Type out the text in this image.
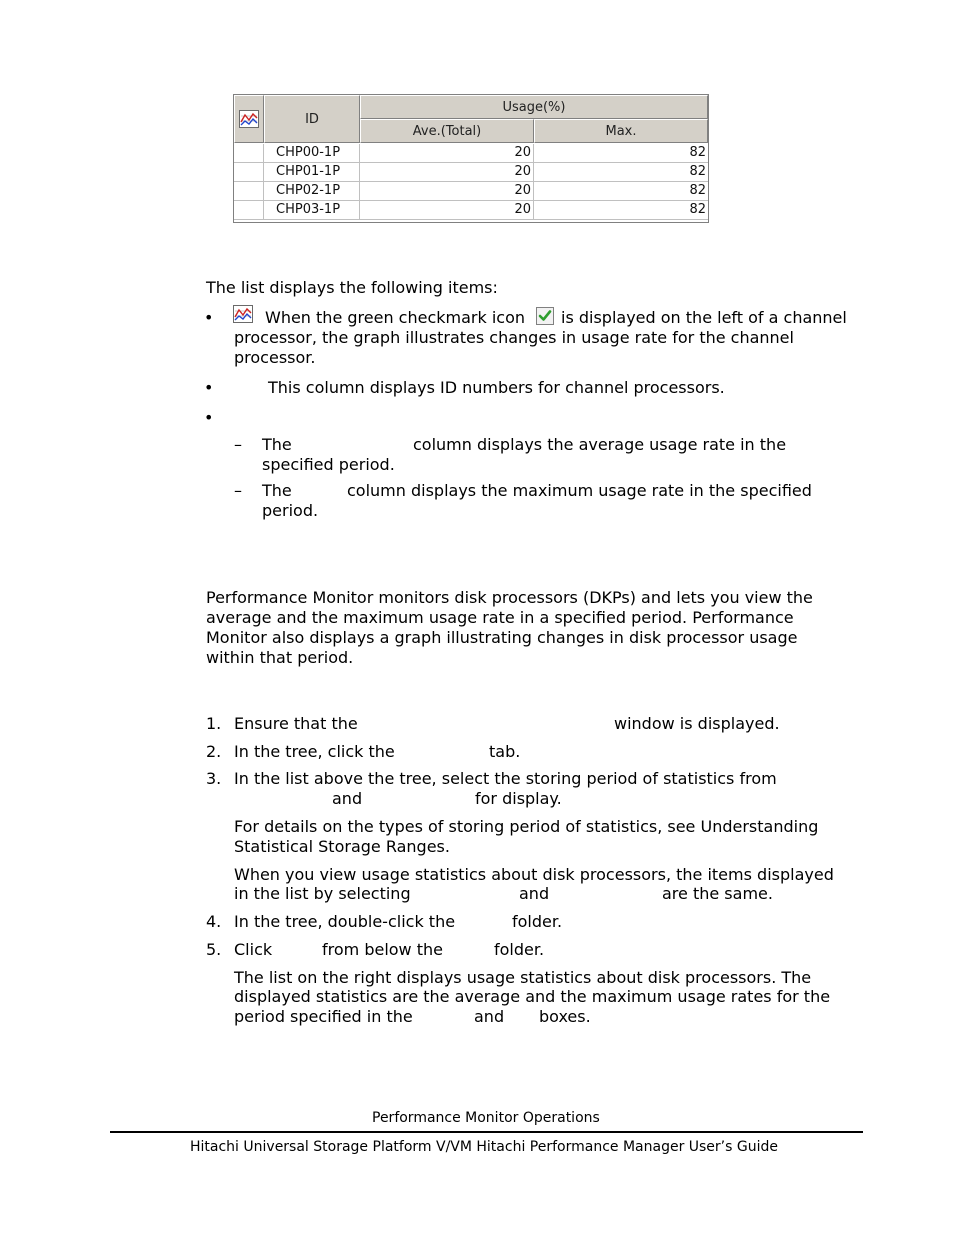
ID
Usage(%)
Ave.(Total)	Max.
CHP00-1P	20	82
CHP01-1P	20	82
CHP02-1P	20	82
CHP03-1P	20	82
The list displays the following items:
•	When the green checkmark icon is displayed on the left of a channel
processor, the graph illustrates changes in usage rate for the channel
processor.
•	This column displays ID numbers for channel processors.
•
– The	column displays the average usage rate in the
specified period.
– The	column displays the maximum usage rate in the specified
period.
Performance Monitor monitors disk processors (DKPs) and lets you view the
average and the maximum usage rate in a specified period. Performance
Monitor also displays a graph illustrating changes in disk processor usage
within that period.
1. Ensure that the	window is displayed.
2. In the tree, click the	tab.
3. In the list above the tree, select the storing period of statistics from
and	for display.
For details on the types of storing period of statistics, see Understanding
Statistical Storage Ranges.
When you view usage statistics about disk processors, the items displayed
in the list by selecting	and	are the same.
4. In the tree, double-click the	folder.
5. Click	from below the	folder.
The list on the right displays usage statistics about disk processors. The
displayed statistics are the average and the maximum usage rates for the
period specified in the	and boxes.
Performance Monitor Operations
Hitachi Universal Storage Platform V/VM Hitachi Performance Manager User’s Guide
